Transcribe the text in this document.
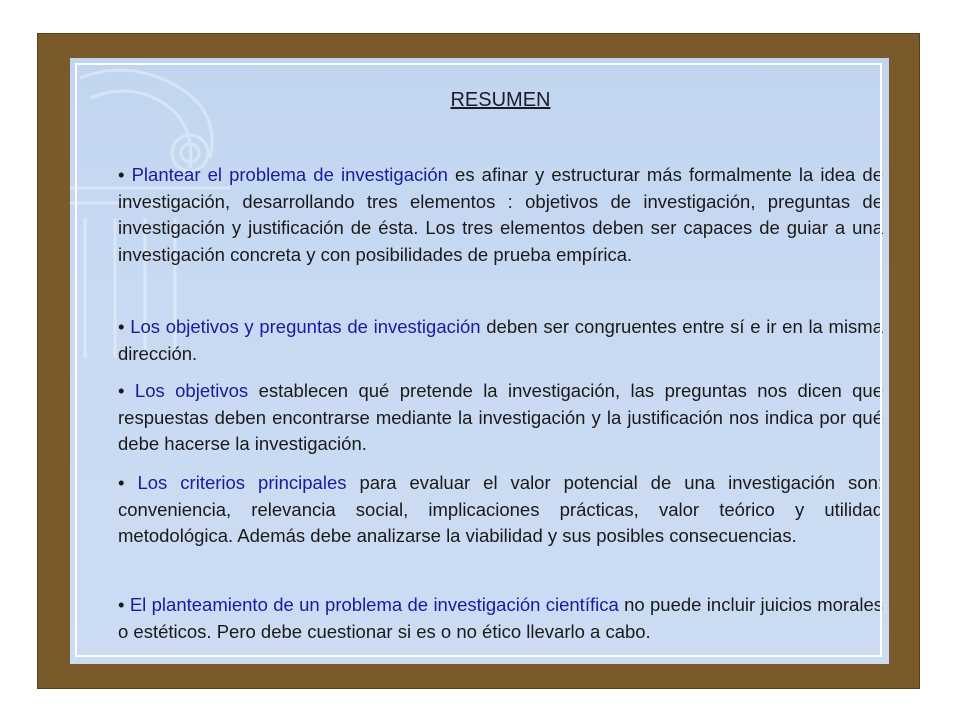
RESUMEN

• Plantear el problema de investigación es afinar y estructurar más formalmente la idea de investigación, desarrollando tres elementos : objetivos de investigación, preguntas de investigación y justificación de ésta. Los tres elementos deben ser capaces de guiar a una investigación concreta y con posibilidades de prueba empírica.

• Los objetivos y preguntas de investigación deben ser congruentes entre sí e ir en la misma dirección.

• Los objetivos establecen qué pretende la investigación, las preguntas nos dicen que respuestas deben encontrarse mediante la investigación y la justificación nos indica por qué debe hacerse la investigación.

• Los criterios principales para evaluar el valor potencial de una investigación son: conveniencia, relevancia social, implicaciones prácticas, valor teórico y utilidad metodológica. Además debe analizarse la viabilidad y sus posibles consecuencias.

• El planteamiento de un problema de investigación científica no puede incluir juicios morales o estéticos. Pero debe cuestionar si es o no ético llevarlo a cabo.
